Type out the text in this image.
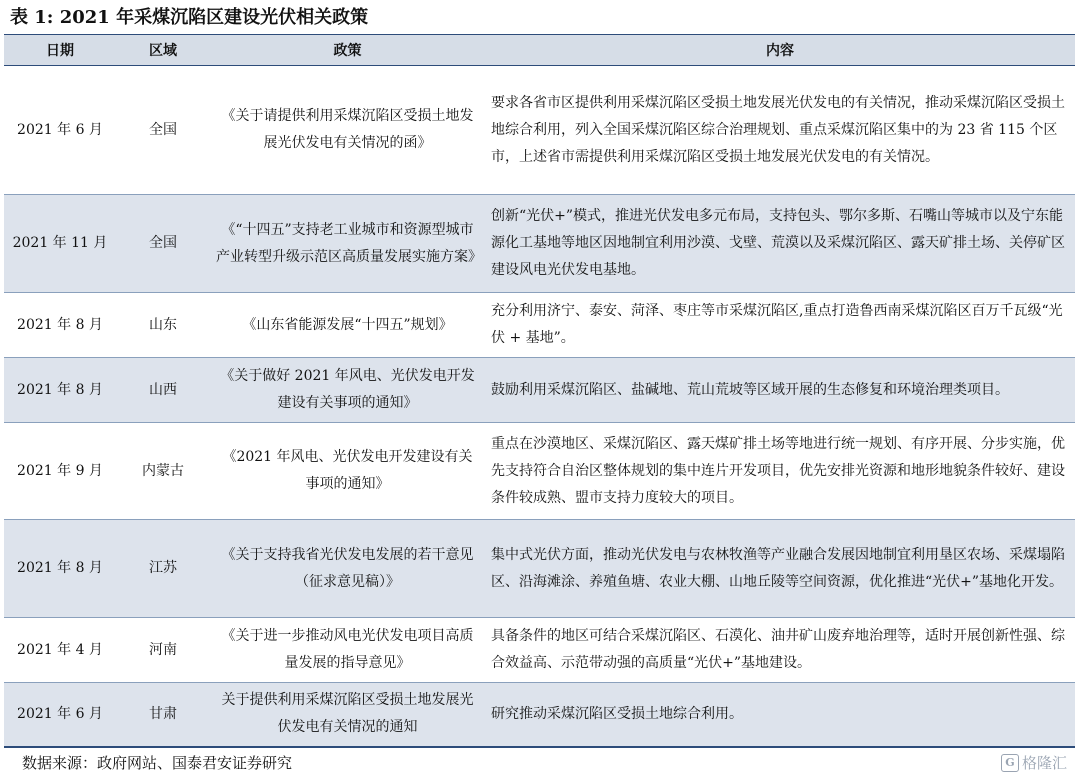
表 1: 2021 年采煤沉陷区建设光伏相关政策
日期	区域	政策	内容
2021 年 6 月	全国	《关于请提供利用采煤沉陷区受损土地发展光伏发电有关情况的函》	要求各省市区提供利用采煤沉陷区受损土地发展光伏发电的有关情况，推动采煤沉陷区受损土地综合利用，列入全国采煤沉陷区综合治理规划、重点采煤沉陷区集中的为 23 省 115 个区市，上述省市需提供利用采煤沉陷区受损土地发展光伏发电的有关情况。
2021 年 11 月	全国	《“十四五”支持老工业城市和资源型城市产业转型升级示范区高质量发展实施方案》	创新“光伏+”模式，推进光伏发电多元布局，支持包头、鄂尔多斯、石嘴山等城市以及宁东能源化工基地等地区因地制宜利用沙漠、戈壁、荒漠以及采煤沉陷区、露天矿排土场、关停矿区建设风电光伏发电基地。
2021 年 8 月	山东	《山东省能源发展“十四五”规划》	充分利用济宁、泰安、菏泽、枣庄等市采煤沉陷区,重点打造鲁西南采煤沉陷区百万千瓦级“光伏 + 基地”。
2021 年 8 月	山西	《关于做好 2021 年风电、光伏发电开发建设有关事项的通知》	鼓励利用采煤沉陷区、盐碱地、荒山荒坡等区域开展的生态修复和环境治理类项目。
2021 年 9 月	内蒙古	《2021 年风电、光伏发电开发建设有关事项的通知》	重点在沙漠地区、采煤沉陷区、露天煤矿排土场等地进行统一规划、有序开展、分步实施，优先支持符合自治区整体规划的集中连片开发项目，优先安排光资源和地形地貌条件较好、建设条件较成熟、盟市支持力度较大的项目。
2021 年 8 月	江苏	《关于支持我省光伏发电发展的若干意见（征求意见稿）》	集中式光伏方面，推动光伏发电与农林牧渔等产业融合发展因地制宜利用垦区农场、采煤塌陷区、沿海滩涂、养殖鱼塘、农业大棚、山地丘陵等空间资源，优化推进“光伏+”基地化开发。
2021 年 4 月	河南	《关于进一步推动风电光伏发电项目高质量发展的指导意见》	具备条件的地区可结合采煤沉陷区、石漠化、油井矿山废弃地治理等，适时开展创新性强、综合效益高、示范带动强的高质量“光伏+”基地建设。
2021 年 6 月	甘肃	关于提供利用采煤沉陷区受损土地发展光伏发电有关情况的通知	研究推动采煤沉陷区受损土地综合利用。
数据来源：政府网站、国泰君安证券研究	G 格隆汇
